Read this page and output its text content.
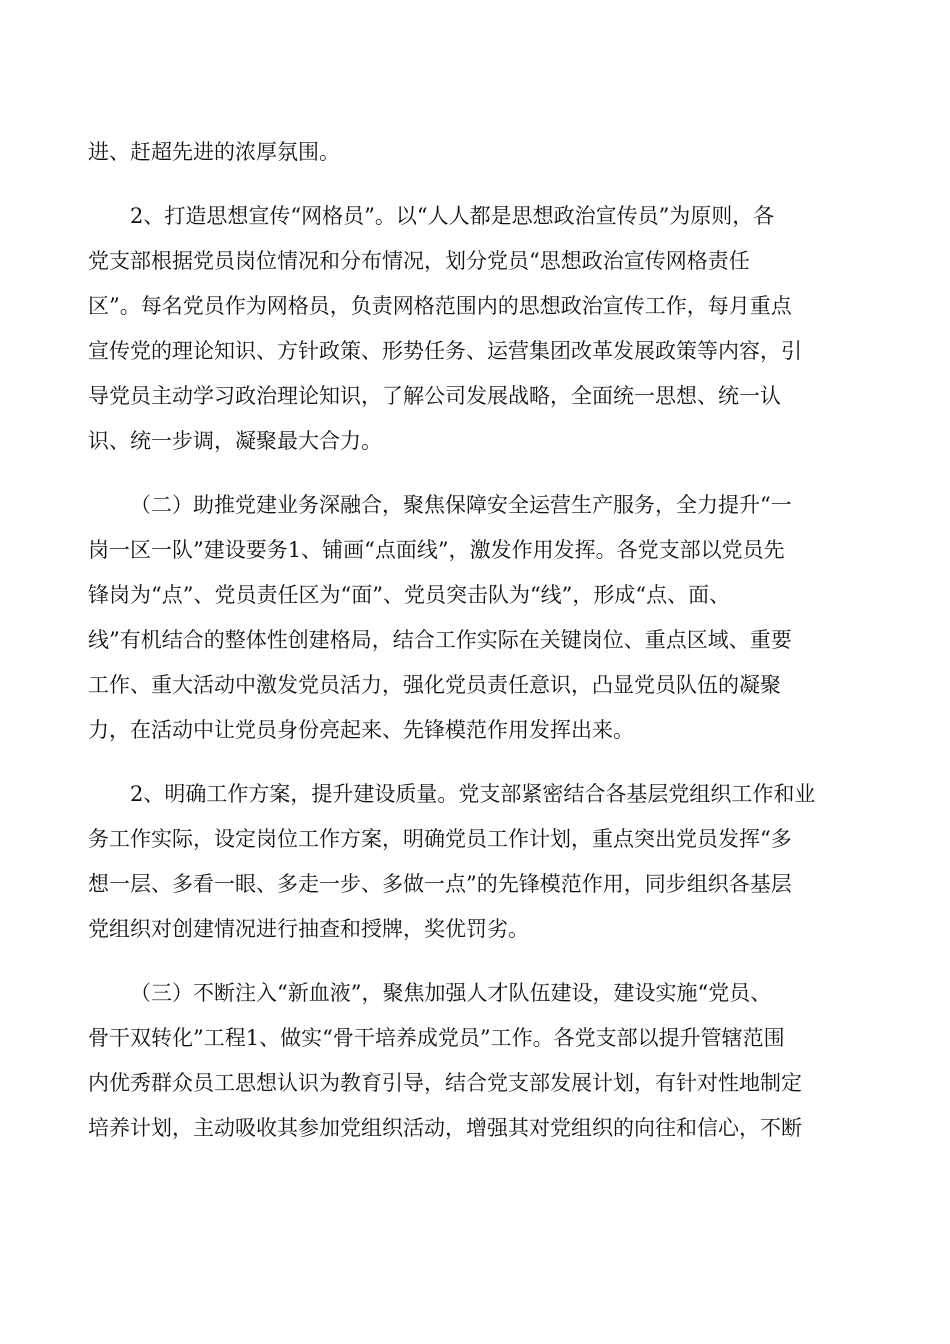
进、赶超先进的浓厚氛围。
2、打造思想宣传“网格员”。以“人人都是思想政治宣传员”为原则，各
党支部根据党员岗位情况和分布情况，划分党员“思想政治宣传网格责任
区”。每名党员作为网格员，负责网格范围内的思想政治宣传工作，每月重点
宣传党的理论知识、方针政策、形势任务、运营集团改革发展政策等内容，引
导党员主动学习政治理论知识，了解公司发展战略，全面统一思想、统一认
识、统一步调，凝聚最大合力。
（二）助推党建业务深融合，聚焦保障安全运营生产服务，全力提升“一
岗一区一队”建设要务1、铺画“点面线”，激发作用发挥。各党支部以党员先
锋岗为“点”、党员责任区为“面”、党员突击队为“线”，形成“点、面、
线”有机结合的整体性创建格局，结合工作实际在关键岗位、重点区域、重要
工作、重大活动中激发党员活力，强化党员责任意识，凸显党员队伍的凝聚
力，在活动中让党员身份亮起来、先锋模范作用发挥出来。
2、明确工作方案，提升建设质量。党支部紧密结合各基层党组织工作和业
务工作实际，设定岗位工作方案，明确党员工作计划，重点突出党员发挥“多
想一层、多看一眼、多走一步、多做一点”的先锋模范作用，同步组织各基层
党组织对创建情况进行抽查和授牌，奖优罚劣。
（三）不断注入“新血液”，聚焦加强人才队伍建设，建设实施“党员、
骨干双转化”工程1、做实“骨干培养成党员”工作。各党支部以提升管辖范围
内优秀群众员工思想认识为教育引导，结合党支部发展计划，有针对性地制定
培养计划，主动吸收其参加党组织活动，增强其对党组织的向往和信心，不断
